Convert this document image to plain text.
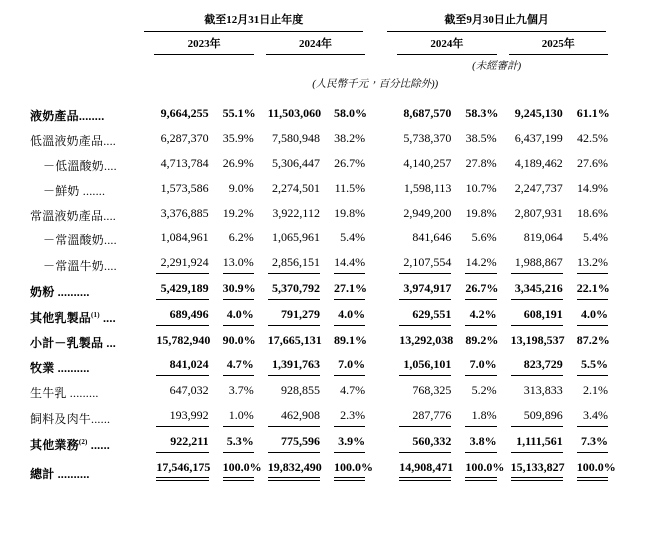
	截至12月31日止年度					截至9月30日止九個月			

	2023年		2024年			2024年		2025年	

						(未經審計)			
	(人民幣千元，百分比除外))								
液奶產品........	9,664,255	55.1%	11,503,060	58.0%		8,687,570	58.3%	9,245,130	61.1%

低溫液奶產品....	6,287,370	35.9%	7,580,948	38.2%		5,738,370	38.5%	6,437,199	42.5%

－低溫酸奶....	4,713,784	26.9%	5,306,447	26.7%		4,140,257	27.8%	4,189,462	27.6%

－鮮奶 .......	1,573,586	9.0%	2,274,501	11.5%		1,598,113	10.7%	2,247,737	14.9%

常溫液奶產品....	3,376,885	19.2%	3,922,112	19.8%		2,949,200	19.8%	2,807,931	18.6%

－常溫酸奶....	1,084,961	6.2%	1,065,961	5.4%		841,646	5.6%	819,064	5.4%

－常溫牛奶....	2,291,924	13.0%	2,856,151	14.4%		2,107,554	14.2%	1,988,867	13.2%

奶粉 ..........	5,429,189	30.9%	5,370,792	27.1%		3,974,917	26.7%	3,345,216	22.1%

其他乳製品$^{(1)}$ ....	689,496	4.0%	791,279	4.0%		629,551	4.2%	608,191	4.0%

小計－乳製品 ...	15,782,940	90.0%	17,665,131	89.1%		13,292,038	89.2%	13,198,537	87.2%

牧業 ..........	841,024	4.7%	1,391,763	7.0%		1,056,101	7.0%	823,729	5.5%

生牛乳 .........	647,032	3.7%	928,855	4.7%		768,325	5.2%	313,833	2.1%

飼料及肉牛......	193,992	1.0%	462,908	2.3%		287,776	1.8%	509,896	3.4%

其他業務$^{(2)}$ ......	922,211	5.3%	775,596	3.9%		560,332	3.8%	1,111,561	7.3%

總計 ..........	17,546,175	100.0%	19,832,490	100.0%		14,908,471	100.0%	15,133,827	100.0%
